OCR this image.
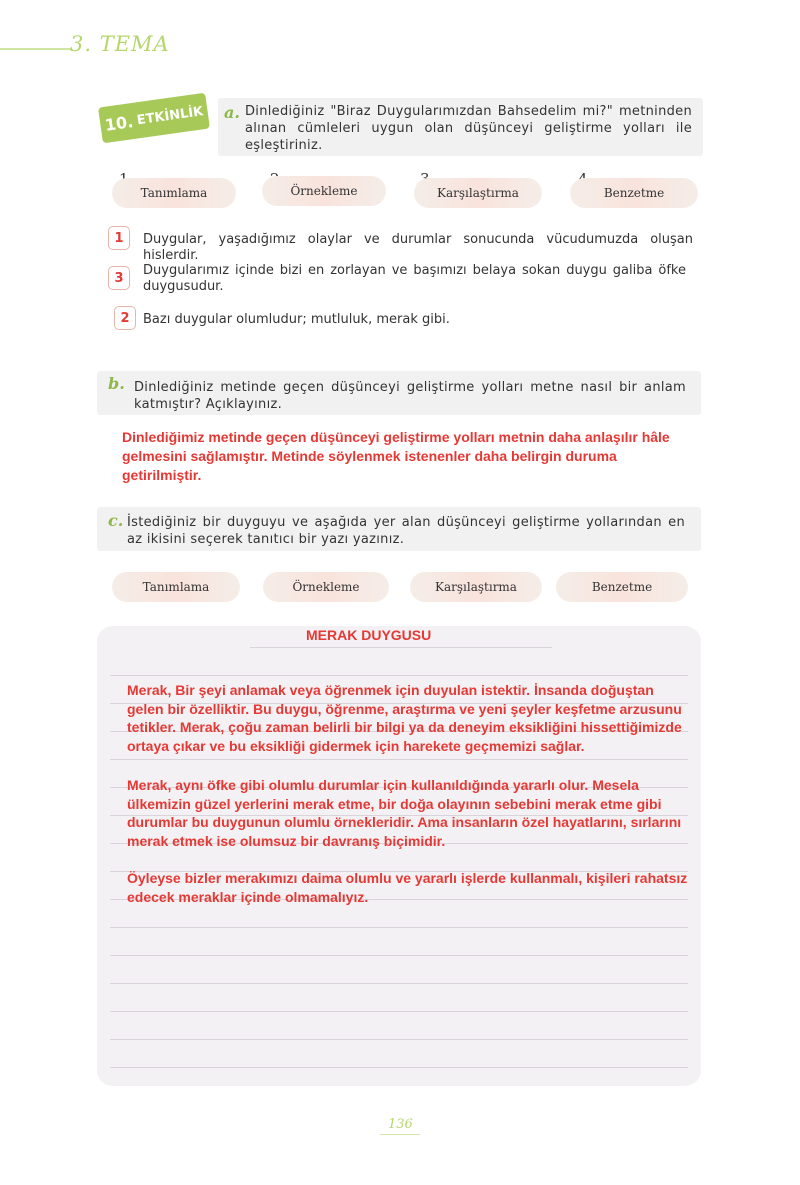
3. TEMA
10. ETKİNLİK a. Dinlediğiniz "Biraz Duygularımızdan Bahsedelim mi?" metninden alınan cümleleri uygun olan düşünceyi geliştirme yolları ile eşleştiriniz.
Tanımlama	Örnekleme	Karşılaştırma	Benzetme
1	Duygular, yaşadığımız olaylar ve durumlar sonucunda vücudumuzda oluşan hislerdir.
3	Duygularımız içinde bizi en zorlayan ve başımızı belaya sokan duygu galiba öfke duygusudur.
2	Bazı duygular olumludur; mutluluk, merak gibi.
b. Dinlediğiniz metinde geçen düşünceyi geliştirme yolları metne nasıl bir anlam katmıştır? Açıklayınız.
Dinlediğimiz metinde geçen düşünceyi geliştirme yolları metnin daha anlaşılır hâle gelmesini sağlamıştır. Metinde söylenmek istenenler daha belirgin duruma getirilmiştir.
c. İstediğiniz bir duyguyu ve aşağıda yer alan düşünceyi geliştirme yollarından en az ikisini seçerek tanıtıcı bir yazı yazınız.
Tanımlama	Örnekleme	Karşılaştırma	Benzetme
MERAK DUYGUSU
Merak, Bir şeyi anlamak veya öğrenmek için duyulan istektir. İnsanda doğuştan gelen bir özelliktir. Bu duygu, öğrenme, araştırma ve yeni şeyler keşfetme arzusunu tetikler. Merak, çoğu zaman belirli bir bilgi ya da deneyim eksikliğini hissettiğimizde ortaya çıkar ve bu eksikliği gidermek için harekete geçmemizi sağlar.
Merak, aynı öfke gibi olumlu durumlar için kullanıldığında yararlı olur. Mesela ülkemizin güzel yerlerini merak etme, bir doğa olayının sebebini merak etme gibi durumlar bu duygunun olumlu örnekleridir. Ama insanların özel hayatlarını, sırlarını merak etmek ise olumsuz bir davranış biçimidir.
Öyleyse bizler merakımızı daima olumlu ve yararlı işlerde kullanmalı, kişileri rahatsız edecek meraklar içinde olmamalıyız.
136
